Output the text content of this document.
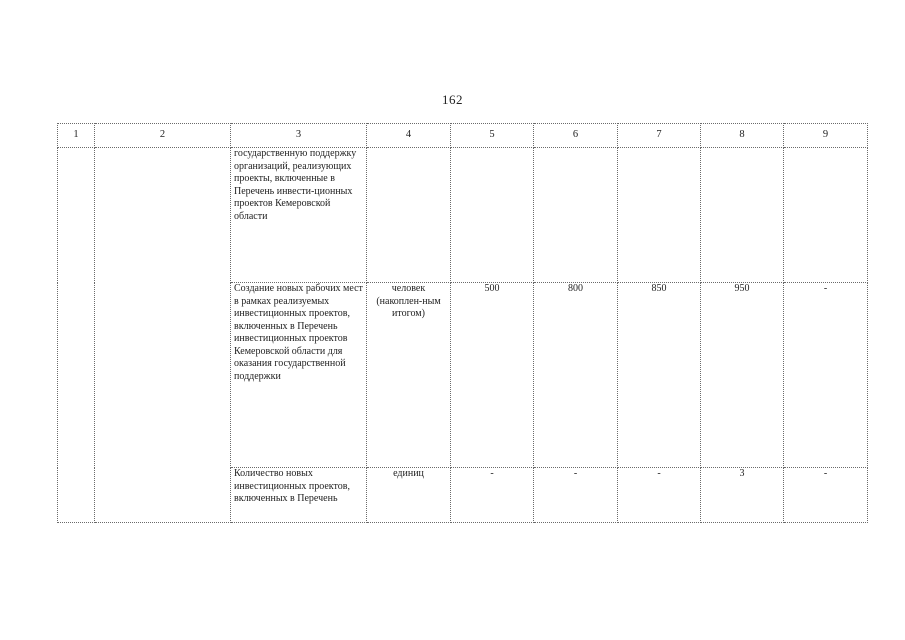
162
1	2	3	4	5	6	7	8	9
		государственную поддержку организаций, реализующих проекты, включенные в Перечень инвести-ционных проектов Кемеровской области						
		Создание новых рабочих мест в рамках реализуемых инвестиционных проектов, включенных в Перечень инвестиционных проектов Кемеровской области для оказания государственной поддержки	человек (накоплен-ным итогом)	500	800	850	950	-
		Количество новых инвестиционных проектов, включенных в Перечень	единиц	-	-	-	3	-
